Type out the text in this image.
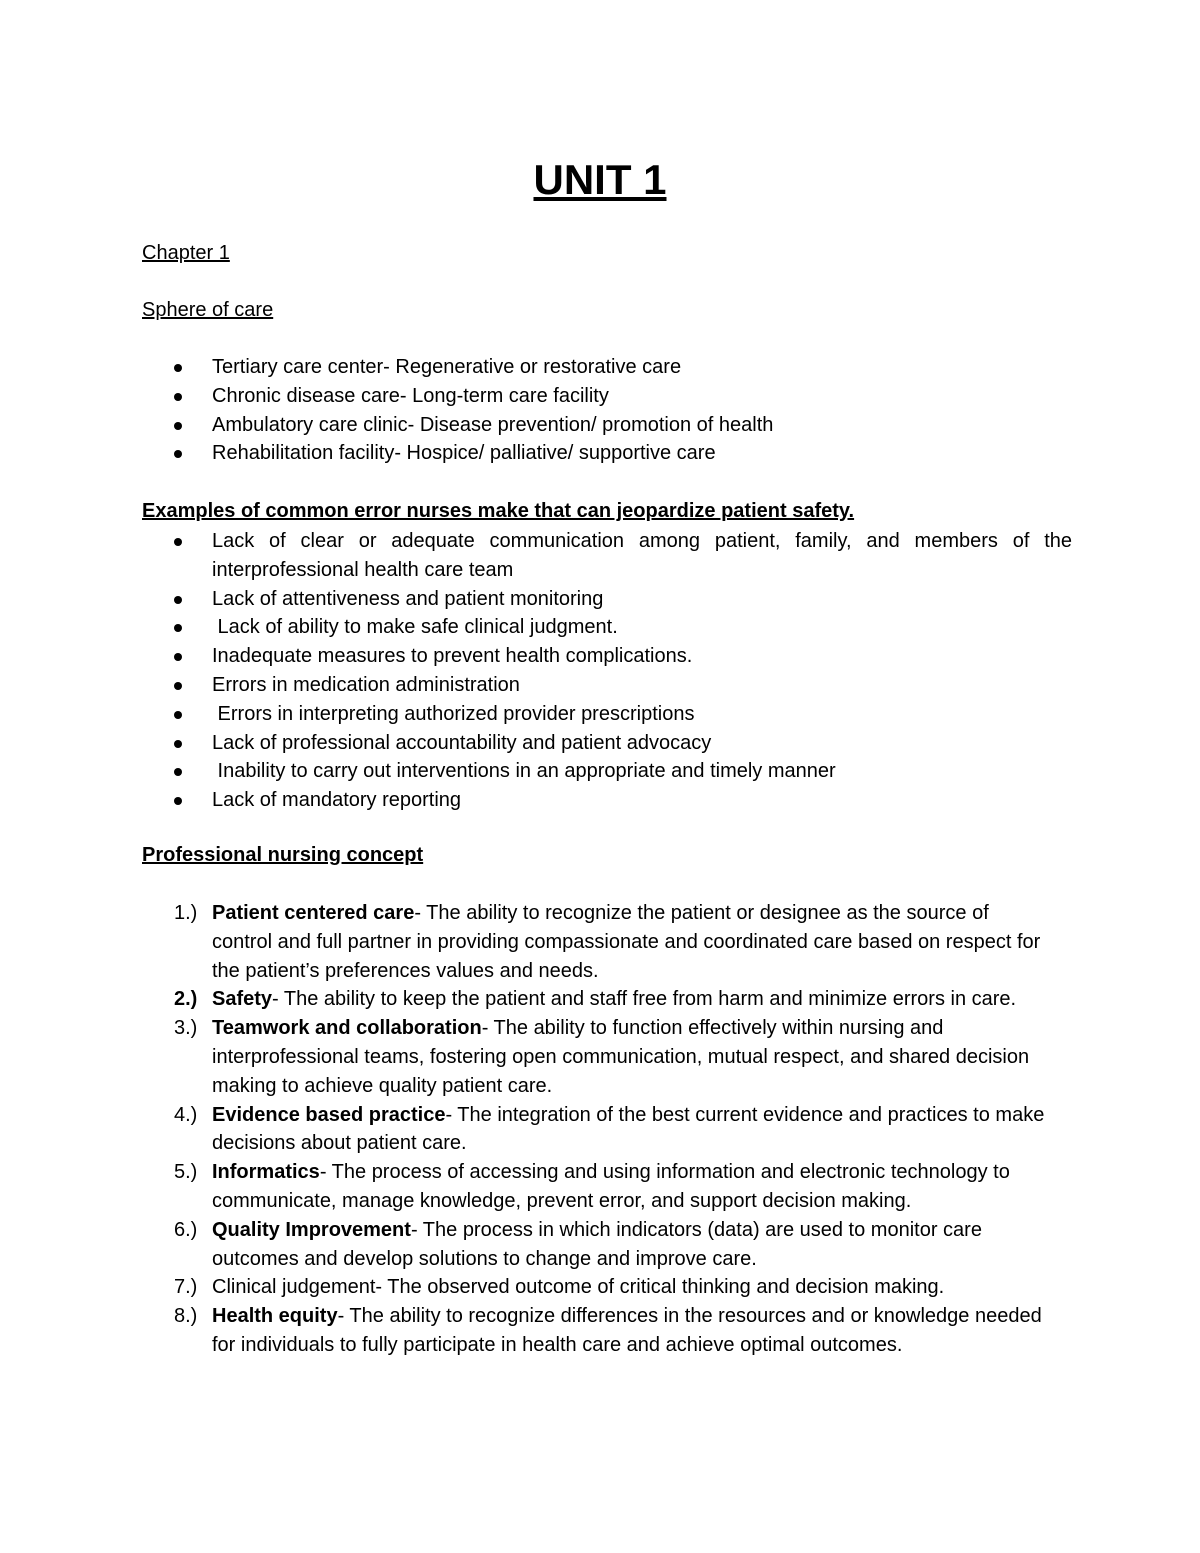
UNIT 1
Chapter 1
Sphere of care
Tertiary care center- Regenerative or restorative care
Chronic disease care- Long-term care facility
Ambulatory care clinic- Disease prevention/ promotion of health
Rehabilitation facility- Hospice/ palliative/ supportive care
Examples of common error nurses make that can jeopardize patient safety.
Lack of clear or adequate communication among patient, family, and members of the interprofessional health care team
Lack of attentiveness and patient monitoring
Lack of ability to make safe clinical judgment.
Inadequate measures to prevent health complications.
Errors in medication administration
Errors in interpreting authorized provider prescriptions
Lack of professional accountability and patient advocacy
Inability to carry out interventions in an appropriate and timely manner
Lack of mandatory reporting
Professional nursing concept
1.) Patient centered care- The ability to recognize the patient or designee as the source of control and full partner in providing compassionate and coordinated care based on respect for the patient’s preferences values and needs.
2.) Safety- The ability to keep the patient and staff free from harm and minimize errors in care.
3.) Teamwork and collaboration- The ability to function effectively within nursing and interprofessional teams, fostering open communication, mutual respect, and shared decision making to achieve quality patient care.
4.) Evidence based practice- The integration of the best current evidence and practices to make decisions about patient care.
5.) Informatics- The process of accessing and using information and electronic technology to communicate, manage knowledge, prevent error, and support decision making.
6.) Quality Improvement- The process in which indicators (data) are used to monitor care outcomes and develop solutions to change and improve care.
7.) Clinical judgement- The observed outcome of critical thinking and decision making.
8.) Health equity- The ability to recognize differences in the resources and or knowledge needed for individuals to fully participate in health care and achieve optimal outcomes.
